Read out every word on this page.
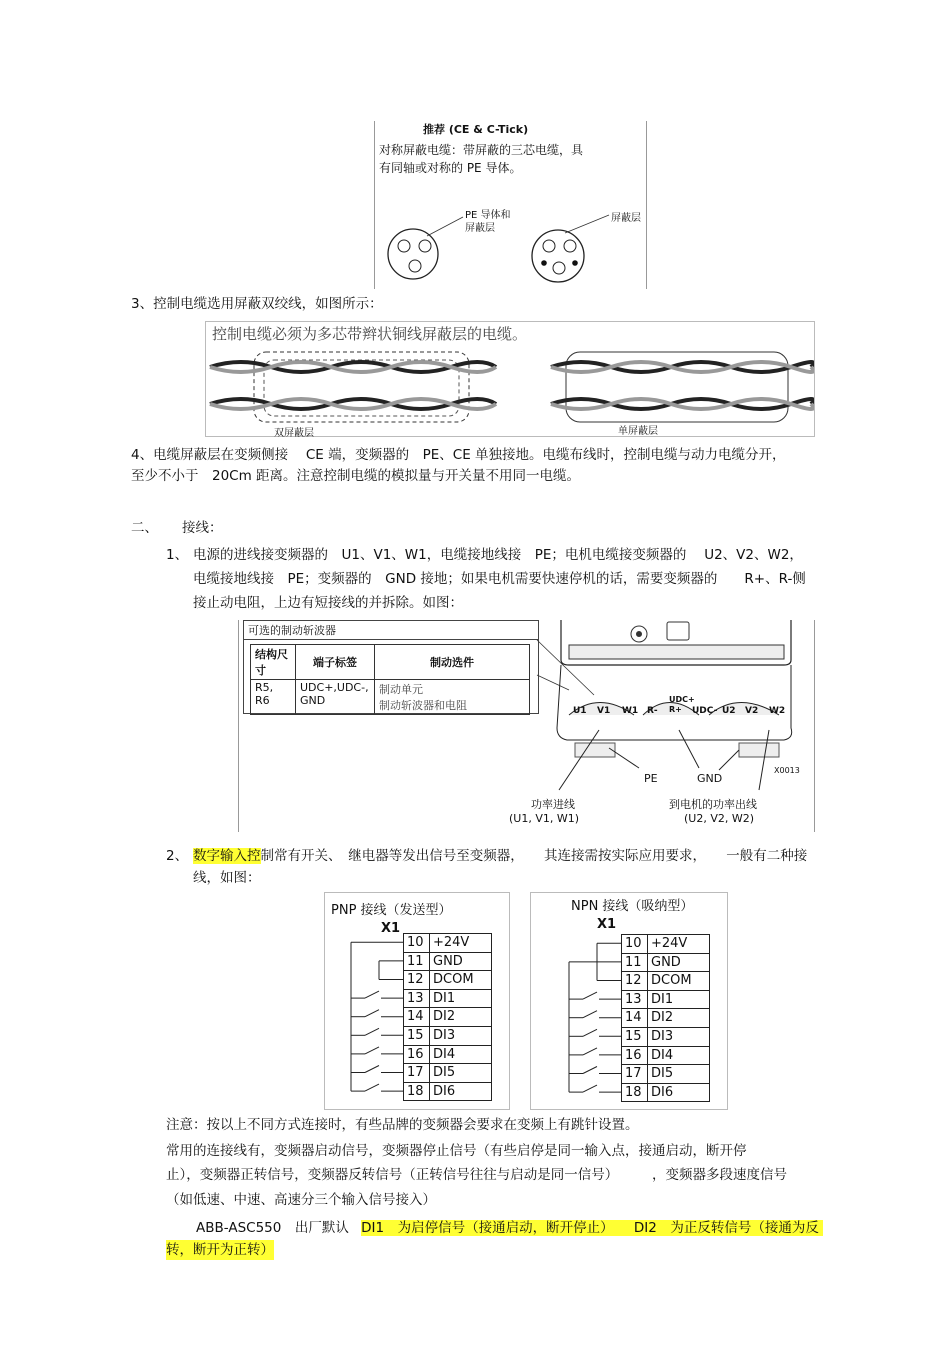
推荐 (CE & C-Tick)
对称屏蔽电缆：带屏蔽的三芯电缆，具
有同轴或对称的 PE 导体。
PE 导体和
屏蔽层
屏蔽层
3、控制电缆选用屏蔽双绞线，如图所示：
控制电缆必须为多芯带辫状铜线屏蔽层的电缆。
双屏蔽层	单屏蔽层
4、电缆屏蔽层在变频侧接　 CE 端，变频器的　PE、CE 单独接地。电缆布线时，控制电缆与动力电缆分开，
至少不小于　20Cm 距离。注意控制电缆的模拟量与开关量不用同一电缆。
二、 接线：
1、 电源的进线接变频器的　U1、V1、W1，电缆接地线接　PE；电机电缆接变频器的　 U2、V2、W2，
电缆接地线接　PE；变频器的　GND 接地；如果电机需要快速停机的话，需要变频器的　　R+、R-侧
接止动电阻，上边有短接线的并拆除。如图：
可选的制动斩波器
结构尺寸	端子标签	制动选件
R5, R6	UDC+,UDC-, GND	制动单元
制动斩波器和电阻	U1 V1 W1 R-
UDC+ R+	UDC- U2 V2 W2
PE	GND
X0013
功率进线
(U1, V1, W1)
到电机的功率出线
(U2, V2, W2)
2、 数字输入控制常有开关、　继电器等发出信号至变频器，　　其连接需按实际应用要求，　　一般有二种接
线，如图：
PNP 接线（发送型）
X1
10 +24V
11 GND
12 DCOM
13 DI1
14 DI2
15 DI3
16 DI4
17 DI5
18 DI6
NPN 接线（吸纳型）
X1
10 +24V
11 GND
12 DCOM
13 DI1
14 DI2
15 DI3
16 DI4
17 DI5
18 DI6
注意：按以上不同方式连接时，有些品牌的变频器会要求在变频上有跳针设置。
常用的连接线有，变频器启动信号，变频器停止信号（有些启停是同一输入点，接通启动，断开停
止），变频器正转信号，变频器反转信号（正转信号往往与启动是同一信号）　　　，变频器多段速度信号
（如低速、中速、高速分三个输入信号接入）
ABB-ASC550　出厂默认 DI1　为启停信号（接通启动，断开停止）　　DI2　为正反转信号（接通为反
转，断开为正转）
